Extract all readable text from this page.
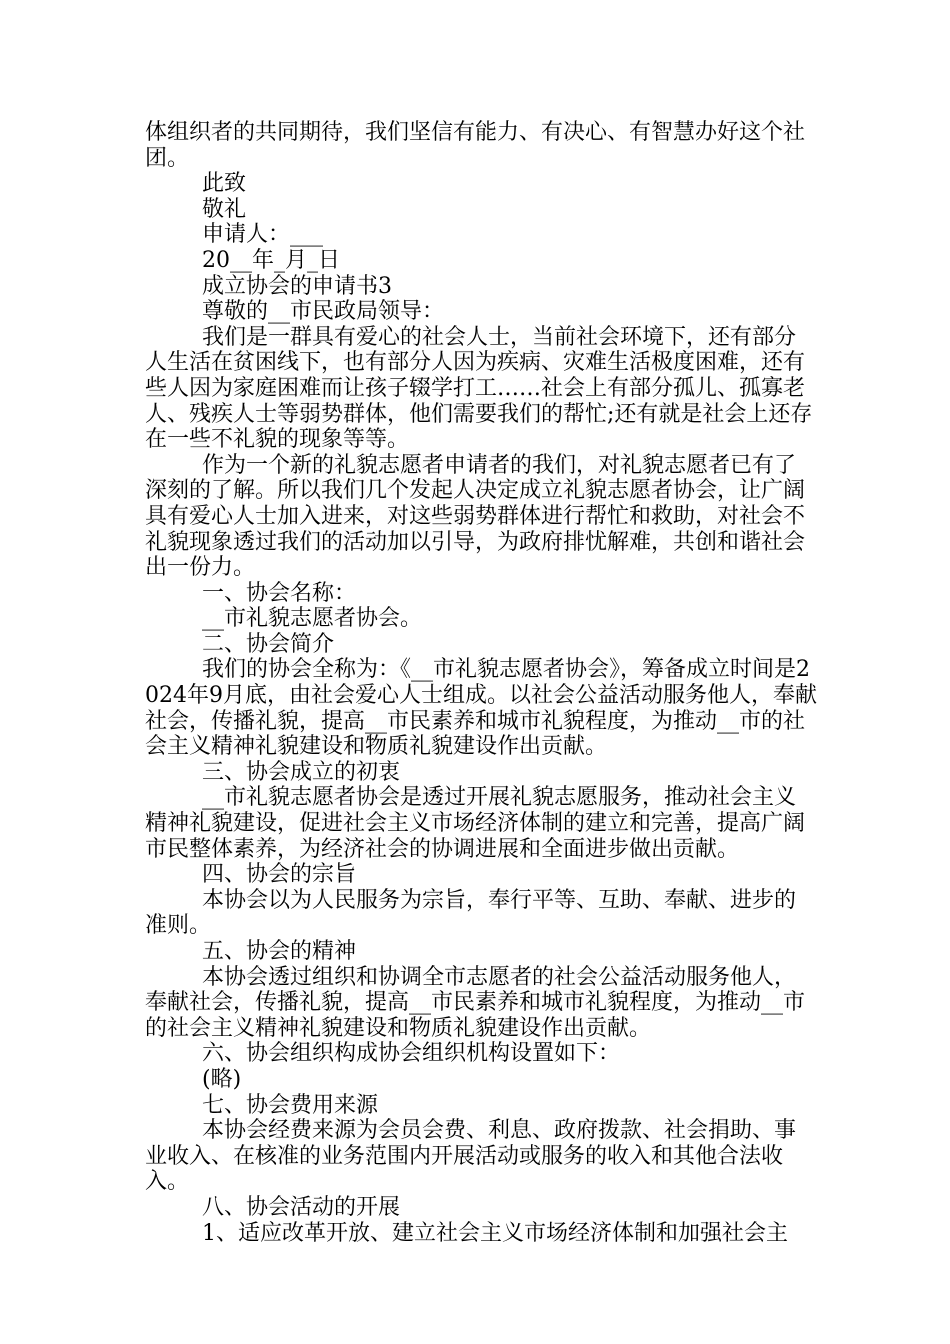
体组织者的共同期待，我们坚信有能力、有决心、有智慧办好这个社团。

此致

敬礼

申请人：___

20__年_月_日

成立协会的申请书3

尊敬的__市民政局领导：

我们是一群具有爱心的社会人士，当前社会环境下，还有部分人生活在贫困线下，也有部分人因为疾病、灾难生活极度困难，还有些人因为家庭困难而让孩子辍学打工……社会上有部分孤儿、孤寡老人、残疾人士等弱势群体，他们需要我们的帮忙;还有就是社会上还存在一些不礼貌的现象等等。

作为一个新的礼貌志愿者申请者的我们，对礼貌志愿者已有了深刻的了解。所以我们几个发起人决定成立礼貌志愿者协会，让广阔具有爱心人士加入进来，对这些弱势群体进行帮忙和救助，对社会不礼貌现象透过我们的活动加以引导，为政府排忧解难，共创和谐社会出一份力。

一、协会名称：

__市礼貌志愿者协会。

二、协会简介

我们的协会全称为：《__市礼貌志愿者协会》，筹备成立时间是2024年9月底，由社会爱心人士组成。以社会公益活动服务他人，奉献社会，传播礼貌，提高__市民素养和城市礼貌程度，为推动__市的社会主义精神礼貌建设和物质礼貌建设作出贡献。

三、协会成立的初衷

__市礼貌志愿者协会是透过开展礼貌志愿服务，推动社会主义精神礼貌建设，促进社会主义市场经济体制的建立和完善，提高广阔市民整体素养，为经济社会的协调进展和全面进步做出贡献。

四、协会的宗旨

本协会以为人民服务为宗旨，奉行平等、互助、奉献、进步的准则。

五、协会的精神

本协会透过组织和协调全市志愿者的社会公益活动服务他人，奉献社会，传播礼貌，提高__市民素养和城市礼貌程度，为推动__市的社会主义精神礼貌建设和物质礼貌建设作出贡献。

六、协会组织构成协会组织机构设置如下：

(略)

七、协会费用来源

本协会经费来源为会员会费、利息、政府拨款、社会捐助、事业收入、在核准的业务范围内开展活动或服务的收入和其他合法收入。

八、协会活动的开展

1、适应改革开放、建立社会主义市场经济体制和加强社会主
